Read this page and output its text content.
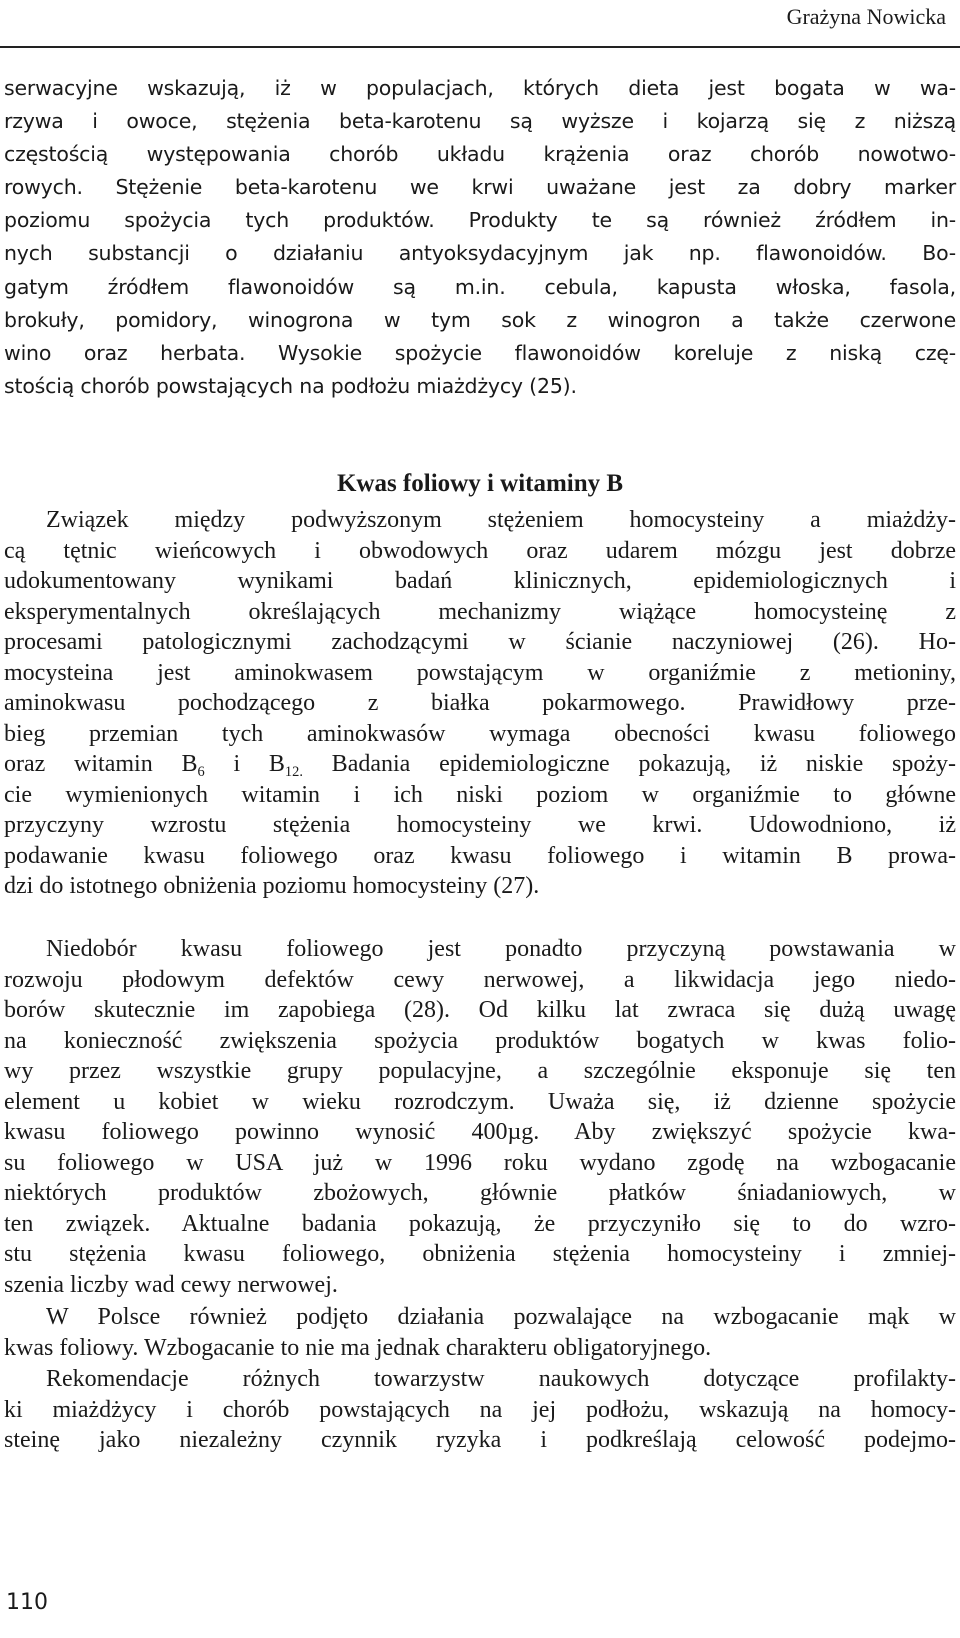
Grażyna Nowicka
serwacyjne wskazują, iż w populacjach, których dieta jest bogata w wa-
rzywa i owoce, stężenia beta-karotenu są wyższe i kojarzą się z niższą
częstością występowania chorób układu krążenia oraz chorób nowotwo-
rowych. Stężenie beta-karotenu we krwi uważane jest za dobry marker
poziomu spożycia tych produktów. Produkty te są również źródłem in-
nych substancji o działaniu antyoksydacyjnym jak np. flawonoidów. Bo-
gatym źródłem flawonoidów są m.in. cebula, kapusta włoska, fasola,
brokuły, pomidory, winogrona w tym sok z winogron a także czerwone
wino oraz herbata. Wysokie spożycie flawonoidów koreluje z niską czę-
stością chorób powstających na podłożu miażdżycy (25).
Kwas foliowy i witaminy B
Związek między podwyższonym stężeniem homocysteiny a miażdży-
cą tętnic wieńcowych i obwodowych oraz udarem mózgu jest dobrze
udokumentowany wynikami badań klinicznych, epidemiologicznych i
eksperymentalnych określających mechanizmy wiążące homocysteinę z
procesami patologicznymi zachodzącymi w ścianie naczyniowej (26). Ho-
mocysteina jest aminokwasem powstającym w organiźmie z metioniny,
aminokwasu pochodzącego z białka pokarmowego. Prawidłowy prze-
bieg przemian tych aminokwasów wymaga obecności kwasu foliowego
oraz witamin $B_6$ i $B_{12.}$ Badania epidemiologiczne pokazują, iż niskie spoży-
cie wymienionych witamin i ich niski poziom w organiźmie to główne
przyczyny wzrostu stężenia homocysteiny we krwi. Udowodniono, iż
podawanie kwasu foliowego oraz kwasu foliowego i witamin B prowa-
dzi do istotnego obniżenia poziomu homocysteiny (27).
Niedobór kwasu foliowego jest ponadto przyczyną powstawania w
rozwoju płodowym defektów cewy nerwowej, a likwidacja jego niedo-
borów skutecznie im zapobiega (28). Od kilku lat zwraca się dużą uwagę
na konieczność zwiększenia spożycia produktów bogatych w kwas folio-
wy przez wszystkie grupy populacyjne, a szczególnie eksponuje się ten
element u kobiet w wieku rozrodczym. Uważa się, iż dzienne spożycie
kwasu foliowego powinno wynosić 400µg. Aby zwiększyć spożycie kwa-
su foliowego w USA już w 1996 roku wydano zgodę na wzbogacanie
niektórych produktów zbożowych, głównie płatków śniadaniowych, w
ten związek. Aktualne badania pokazują, że przyczyniło się to do wzro-
stu stężenia kwasu foliowego, obniżenia stężenia homocysteiny i zmniej-
szenia liczby wad cewy nerwowej.
W Polsce również podjęto działania pozwalające na wzbogacanie mąk w
kwas foliowy. Wzbogacanie to nie ma jednak charakteru obligatoryjnego.
Rekomendacje różnych towarzystw naukowych dotyczące profilakty-
ki miażdżycy i chorób powstających na jej podłożu, wskazują na homocy-
steinę jako niezależny czynnik ryzyka i podkreślają celowość podejmo-
110
